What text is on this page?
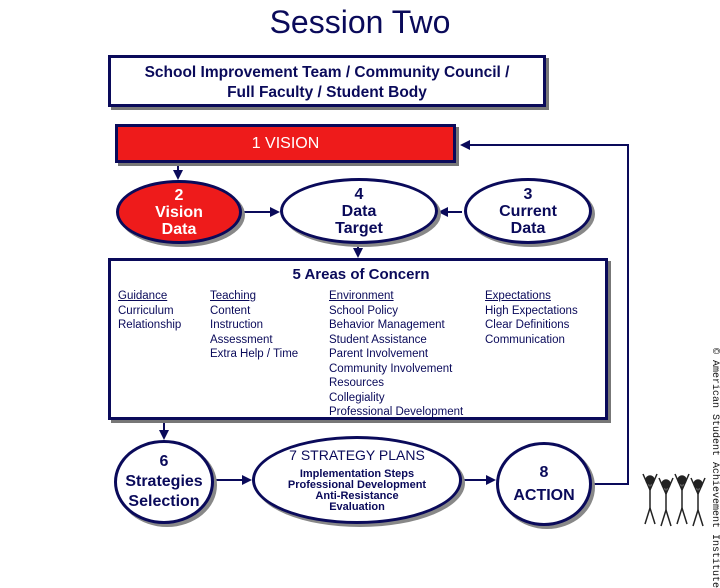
Session Two
School Improvement Team / Community Council /
Full Faculty / Student Body
1 VISION
2
Vision
Data
4
Data
Target
3
Current
Data
5 Areas of Concern
Guidance
Curriculum
Relationship
Teaching
Content
Instruction
Assessment
Extra Help / Time
Environment
School Policy
Behavior Management
Student Assistance
Parent Involvement
Community Involvement
Resources
Collegiality
Professional Development
Expectations
High Expectations
Clear Definitions
Communication
6
Strategies
Selection
7 STRATEGY PLANS
Implementation Steps
Professional Development
Anti-Resistance
Evaluation
8
ACTION	© American Student Achievement Institute
